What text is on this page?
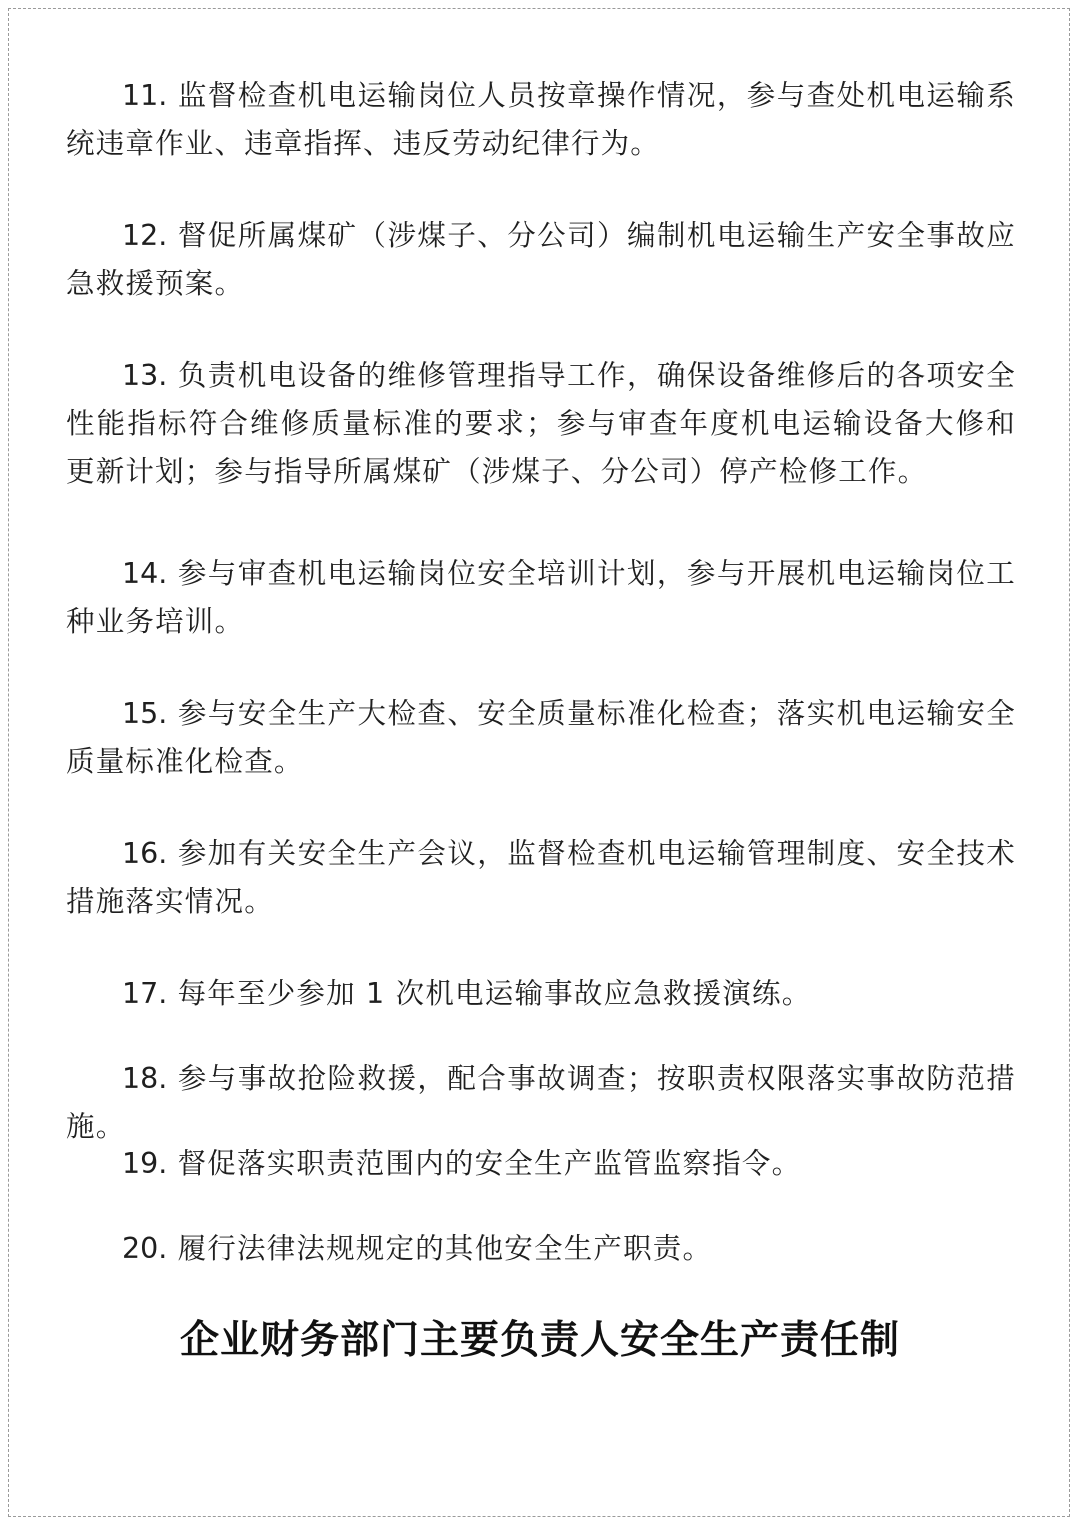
11. 监督检查机电运输岗位人员按章操作情况，参与查处机电运输系统违章作业、违章指挥、违反劳动纪律行为。

12. 督促所属煤矿（涉煤子、分公司）编制机电运输生产安全事故应急救援预案。

13. 负责机电设备的维修管理指导工作，确保设备维修后的各项安全性能指标符合维修质量标准的要求；参与审查年度机电运输设备大修和更新计划；参与指导所属煤矿（涉煤子、分公司）停产检修工作。

14. 参与审查机电运输岗位安全培训计划，参与开展机电运输岗位工种业务培训。

15. 参与安全生产大检查、安全质量标准化检查；落实机电运输安全质量标准化检查。

16. 参加有关安全生产会议，监督检查机电运输管理制度、安全技术措施落实情况。

17. 每年至少参加 1 次机电运输事故应急救援演练。

18. 参与事故抢险救援，配合事故调查；按职责权限落实事故防范措施。

19. 督促落实职责范围内的安全生产监管监察指令。

20. 履行法律法规规定的其他安全生产职责。

企业财务部门主要负责人安全生产责任制
